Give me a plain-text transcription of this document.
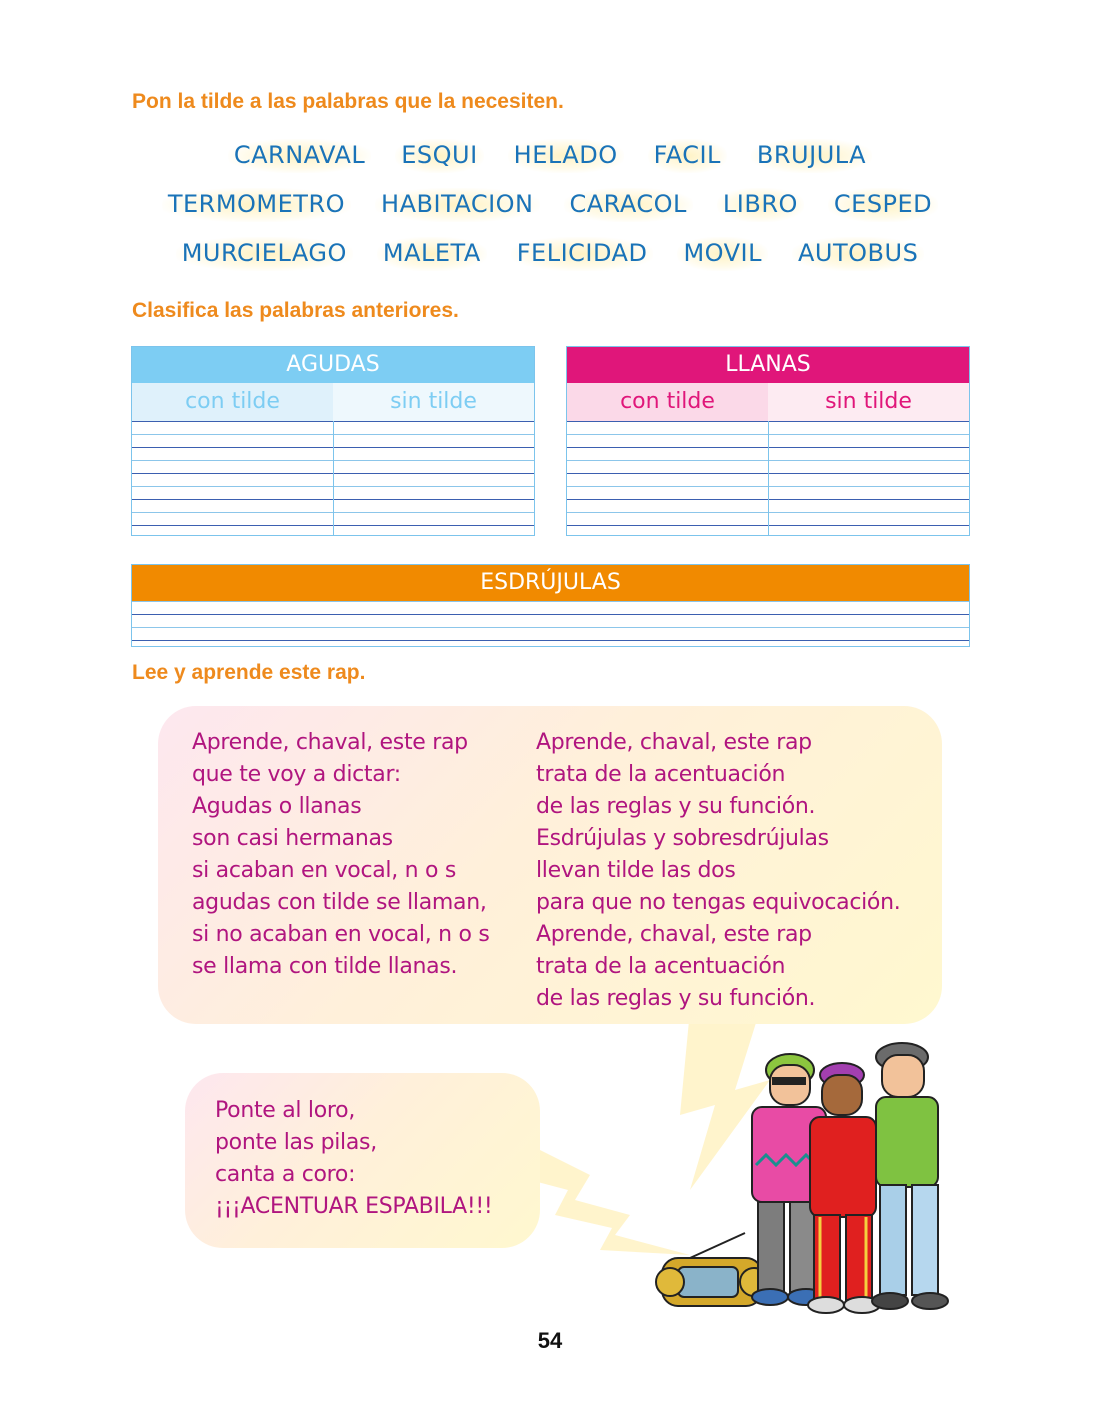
Pon la tilde a las palabras que la necesiten.

CARNAVAL ESQUI HELADO FACIL BRUJULA
TERMOMETRO HABITACION CARACOL LIBRO CESPED
MURCIELAGO MALETA FELICIDAD MOVIL AUTOBUS

Clasifica las palabras anteriores.

AGUDAS
con tilde	sin tilde
LLANAS
con tilde	sin tilde
ESDRÚJULAS

Lee y aprende este rap.

Aprende, chaval, este rap
que te voy a dictar:
Agudas o llanas
son casi hermanas
si acaban en vocal, n o s
agudas con tilde se llaman,
si no acaban en vocal, n o s
se llama con tilde llanas.
Aprende, chaval, este rap
trata de la acentuación
de las reglas y su función.
Esdrújulas y sobresdrújulas
llevan tilde las dos
para que no tengas equivocación.
Aprende, chaval, este rap
trata de la acentuación
de las reglas y su función.
Ponte al loro,
ponte las pilas,
canta a coro:
¡¡¡ACENTUAR ESPABILA!!!
54
